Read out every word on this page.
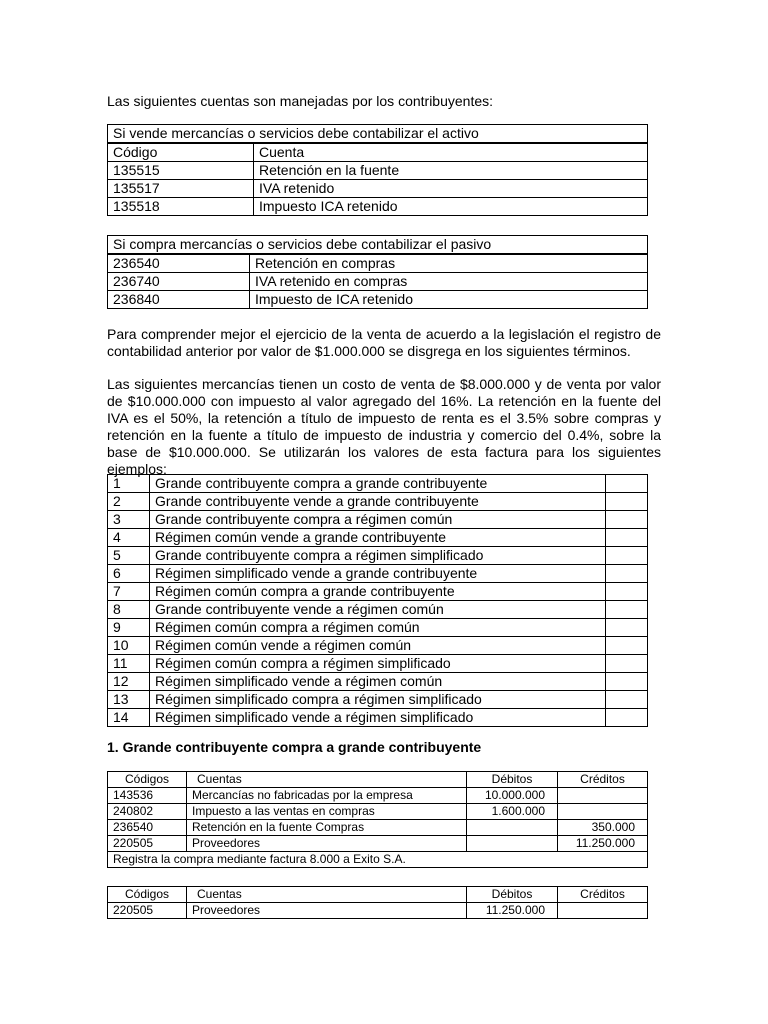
Las siguientes cuentas son manejadas por los contribuyentes:

Si vende mercancías o servicios debe contabilizar el activo	
Código	Cuenta
135515	Retención en la fuente
135517	IVA retenido
135518	Impuesto ICA retenido
Si compra mercancías o servicios debe contabilizar el pasivo	
236540	Retención en compras
236740	IVA retenido en compras
236840	Impuesto de ICA retenido

Para comprender mejor el ejercicio de la venta de acuerdo a la legislación el registro de contabilidad anterior por valor de $1.000.000 se disgrega en los siguientes términos.

Las siguientes mercancías tienen un costo de venta de $8.000.000 y de venta por valor de $10.000.000 con impuesto al valor agregado del 16%. La retención en la fuente del IVA es el 50%, la retención a título de impuesto de renta es el 3.5% sobre compras y retención en la fuente a título de impuesto de industria y comercio del 0.4%, sobre la base de $10.000.000. Se utilizarán los valores de esta factura para los siguientes ejemplos:

1	Grande contribuyente compra a grande contribuyente	
2	Grande contribuyente vende a grande contribuyente	
3	Grande contribuyente compra a régimen común	
4	Régimen común vende a grande contribuyente	
5	Grande contribuyente compra a régimen simplificado	
6	Régimen simplificado vende a grande contribuyente	
7	Régimen común compra a grande contribuyente	
8	Grande contribuyente vende a régimen común	
9	Régimen común compra a régimen común	
10	Régimen común vende a régimen común	
11	Régimen común compra a régimen simplificado	
12	Régimen simplificado vende a régimen común	
13	Régimen simplificado compra a régimen simplificado	
14	Régimen simplificado vende a régimen simplificado	

1. Grande contribuyente compra a grande contribuyente

Códigos	Cuentas	Débitos	Créditos
143536	Mercancías no fabricadas por la empresa	10.000.000	
240802	Impuesto a las ventas en compras	1.600.000	
236540	Retención en la fuente Compras		350.000
220505	Proveedores		11.250.000
Registra la compra mediante factura 8.000 a Exito S.A.			
Códigos	Cuentas	Débitos	Créditos
220505	Proveedores	11.250.000	
